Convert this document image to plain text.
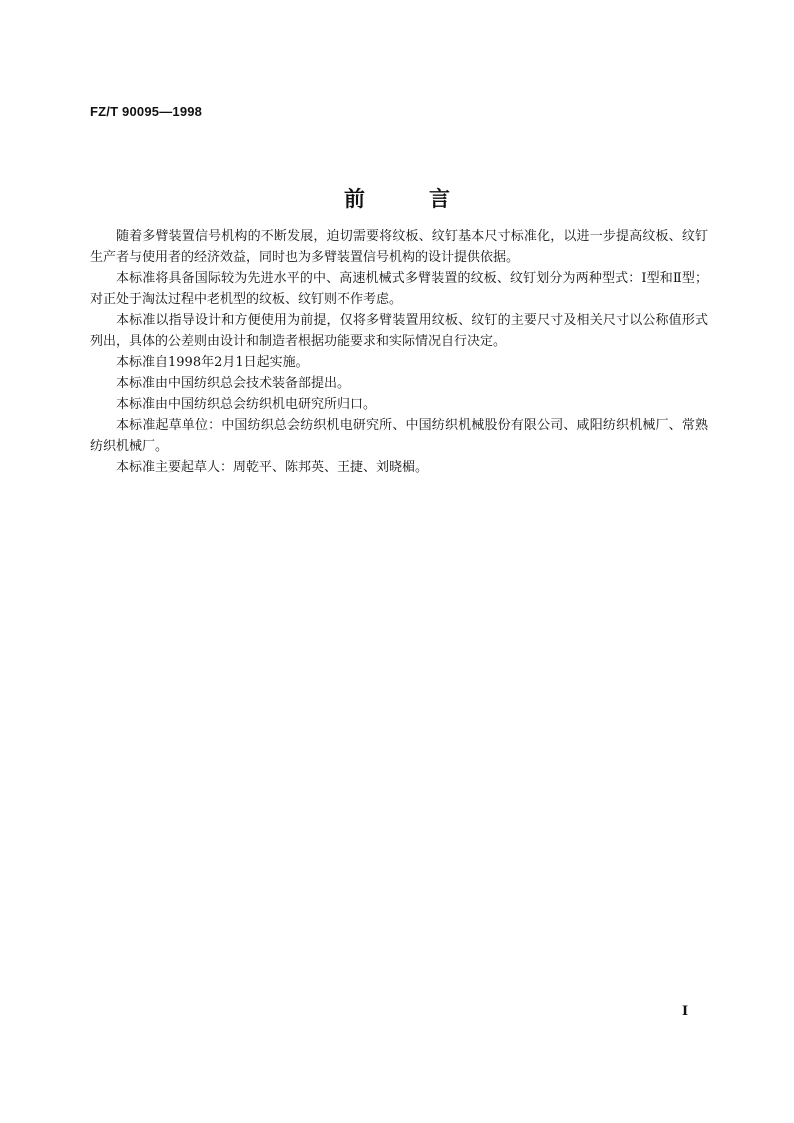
FZ/T 90095—1998
前言

随着多臂装置信号机构的不断发展，迫切需要将纹板、纹钉基本尺寸标准化，以进一步提高纹板、纹钉生产者与使用者的经济效益，同时也为多臂装置信号机构的设计提供依据。

本标准将具备国际较为先进水平的中、高速机械式多臂装置的纹板、纹钉划分为两种型式：Ⅰ型和Ⅱ型；对正处于淘汰过程中老机型的纹板、纹钉则不作考虑。

本标准以指导设计和方便使用为前提，仅将多臂装置用纹板、纹钉的主要尺寸及相关尺寸以公称值形式列出，具体的公差则由设计和制造者根据功能要求和实际情况自行决定。

本标准自1998年2月1日起实施。

本标准由中国纺织总会技术装备部提出。

本标准由中国纺织总会纺织机电研究所归口。

本标准起草单位：中国纺织总会纺织机电研究所、中国纺织机械股份有限公司、咸阳纺织机械厂、常熟纺织机械厂。

本标准主要起草人：周乾平、陈邦英、王捷、刘晓楣。

Ⅰ
